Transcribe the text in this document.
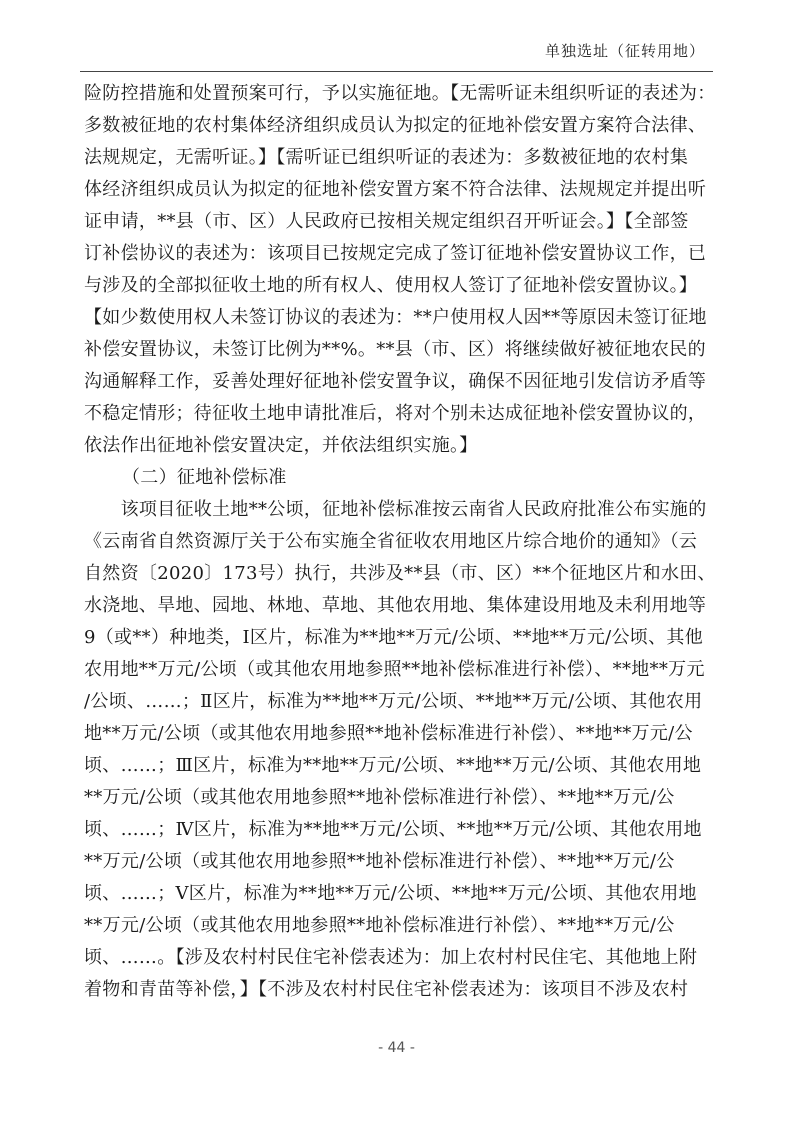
单独选址（征转用地）
险防控措施和处置预案可行，予以实施征地。【无需听证未组织听证的表述为：
多数被征地的农村集体经济组织成员认为拟定的征地补偿安置方案符合法律、
法规规定，无需听证。】【需听证已组织听证的表述为：多数被征地的农村集
体经济组织成员认为拟定的征地补偿安置方案不符合法律、法规规定并提出听
证申请，**县（市、区）人民政府已按相关规定组织召开听证会。】【全部签
订补偿协议的表述为：该项目已按规定完成了签订征地补偿安置协议工作，已
与涉及的全部拟征收土地的所有权人、使用权人签订了征地补偿安置协议。】
【如少数使用权人未签订协议的表述为：**户使用权人因**等原因未签订征地
补偿安置协议，未签订比例为**%。**县（市、区）将继续做好被征地农民的
沟通解释工作，妥善处理好征地补偿安置争议，确保不因征地引发信访矛盾等
不稳定情形；待征收土地申请批准后，将对个别未达成征地补偿安置协议的，
依法作出征地补偿安置决定，并依法组织实施。】
（二）征地补偿标准
　　该项目征收土地**公顷，征地补偿标准按云南省人民政府批准公布实施的
《云南省自然资源厅关于公布实施全省征收农用地区片综合地价的通知》（云
自然资〔2020〕173号）执行，共涉及**县（市、区）**个征地区片和水田、
水浇地、旱地、园地、林地、草地、其他农用地、集体建设用地及未利用地等
9（或**）种地类，Ⅰ区片，标准为**地**万元/公顷、**地**万元/公顷、其他
农用地**万元/公顷（或其他农用地参照**地补偿标准进行补偿）、**地**万元
/公顷、……；Ⅱ区片，标准为**地**万元/公顷、**地**万元/公顷、其他农用
地**万元/公顷（或其他农用地参照**地补偿标准进行补偿）、**地**万元/公
顷、……；Ⅲ区片，标准为**地**万元/公顷、**地**万元/公顷、其他农用地
**万元/公顷（或其他农用地参照**地补偿标准进行补偿）、**地**万元/公
顷、……；Ⅳ区片，标准为**地**万元/公顷、**地**万元/公顷、其他农用地
**万元/公顷（或其他农用地参照**地补偿标准进行补偿）、**地**万元/公
顷、……；Ⅴ区片，标准为**地**万元/公顷、**地**万元/公顷、其他农用地
**万元/公顷（或其他农用地参照**地补偿标准进行补偿）、**地**万元/公
顷、……。【涉及农村村民住宅补偿表述为：加上农村村民住宅、其他地上附
着物和青苗等补偿，】【不涉及农村村民住宅补偿表述为：该项目不涉及农村
- 44 -
